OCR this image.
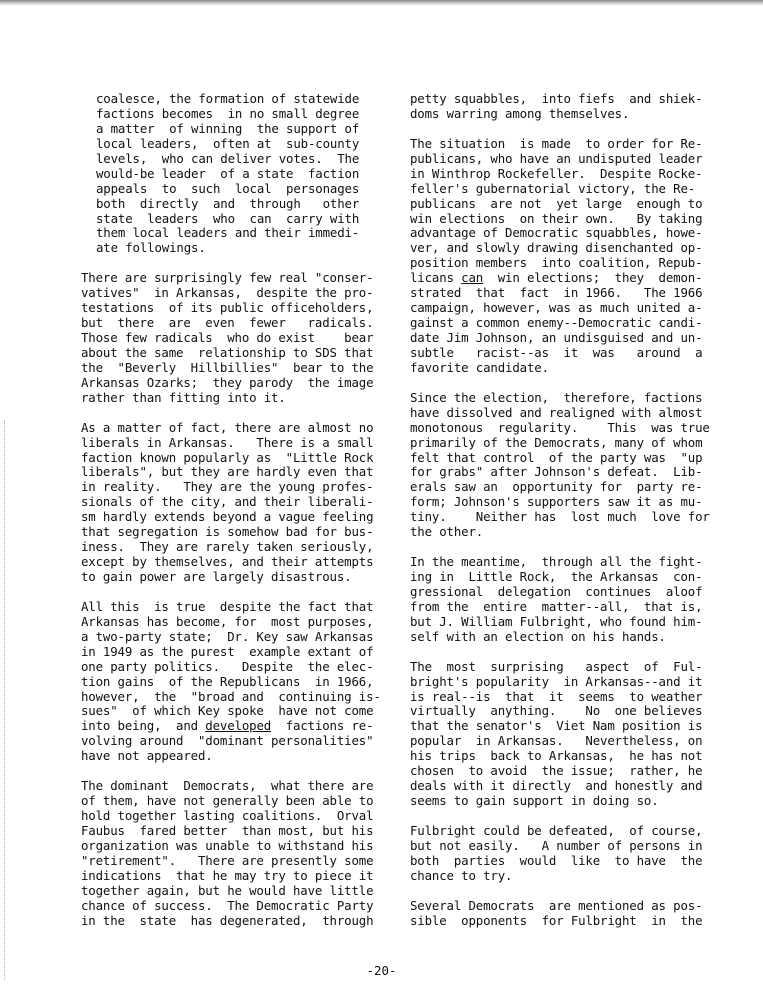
coalesce, the formation of statewide
factions becomes  in no small degree
a matter  of winning  the support of
local leaders,  often at  sub-county
levels,  who can deliver votes.  The
would-be leader  of a state  faction
appeals  to  such  local  personages
both  directly  and  through   other
state  leaders  who  can  carry with
them local leaders and their immedi-
ate followings.
There are surprisingly few real "conser-
vatives"  in Arkansas,  despite the pro-
testations  of its public officeholders,
but  there  are  even  fewer   radicals.
Those few radicals  who do exist    bear
about the same  relationship to SDS that
the  "Beverly  Hillbillies"  bear to the
Arkansas Ozarks;  they parody  the image
rather than fitting into it.
As a matter of fact, there are almost no
liberals in Arkansas.   There is a small
faction known popularly as  "Little Rock
liberals", but they are hardly even that
in reality.   They are the young profes-
sionals of the city, and their liberali-
sm hardly extends beyond a vague feeling
that segregation is somehow bad for bus-
iness.  They are rarely taken seriously,
except by themselves, and their attempts
to gain power are largely disastrous.
All this  is true  despite the fact that
Arkansas has become, for  most purposes,
a two-party state;  Dr. Key saw Arkansas
in 1949 as the purest  example extant of
one party politics.   Despite  the elec-
tion gains  of the Republicans  in 1966,
however,  the  "broad and  continuing is-
sues"  of which Key spoke  have not come
into being,  and developed  factions re-
volving around  "dominant personalities"
have not appeared.
The dominant  Democrats,  what there are
of them, have not generally been able to
hold together lasting coalitions.  Orval
Faubus  fared better  than most, but his
organization was unable to withstand his
"retirement".   There are presently some
indications  that he may try to piece it
together again, but he would have little
chance of success.  The Democratic Party
in the  state  has degenerated,  through
petty squabbles,  into fiefs  and shiek-
doms warring among themselves.
The situation  is made  to order for Re-
publicans, who have an undisputed leader
in Winthrop Rockefeller.  Despite Rocke-
feller's gubernatorial victory, the Re-
publicans  are not  yet large  enough to
win elections  on their own.   By taking
advantage of Democratic squabbles, howe-
ver, and slowly drawing disenchanted op-
position members  into coalition, Repub-
licans can  win elections;  they  demon-
strated  that  fact  in 1966.   The 1966
campaign, however, was as much united a-
gainst a common enemy--Democratic candi-
date Jim Johnson, an undisguised and un-
subtle   racist--as  it  was   around  a
favorite candidate.
Since the election,  therefore, factions
have dissolved and realigned with almost
monotonous  regularity.    This  was true
primarily of the Democrats, many of whom
felt that control  of the party was  "up
for grabs" after Johnson's defeat.  Lib-
erals saw an  opportunity for  party re-
form; Johnson's supporters saw it as mu-
tiny.    Neither has  lost much  love for
the other.
In the meantime,  through all the fight-
ing in  Little Rock,  the Arkansas  con-
gressional  delegation  continues  aloof
from the  entire  matter--all,  that is,
but J. William Fulbright, who found him-
self with an election on his hands.
The  most  surprising   aspect  of  Ful-
bright's popularity  in Arkansas--and it
is real--is  that  it  seems  to weather
virtually  anything.    No  one believes
that the senator's  Viet Nam position is
popular  in Arkansas.   Nevertheless, on
his trips  back to Arkansas,  he has not
chosen  to avoid  the issue;  rather, he
deals with it directly  and honestly and
seems to gain support in doing so.
Fulbright could be defeated,  of course,
but not easily.   A number of persons in
both  parties  would  like  to have  the
chance to try.
Several Democrats  are mentioned as pos-
sible  opponents  for Fulbright  in  the
-20-
